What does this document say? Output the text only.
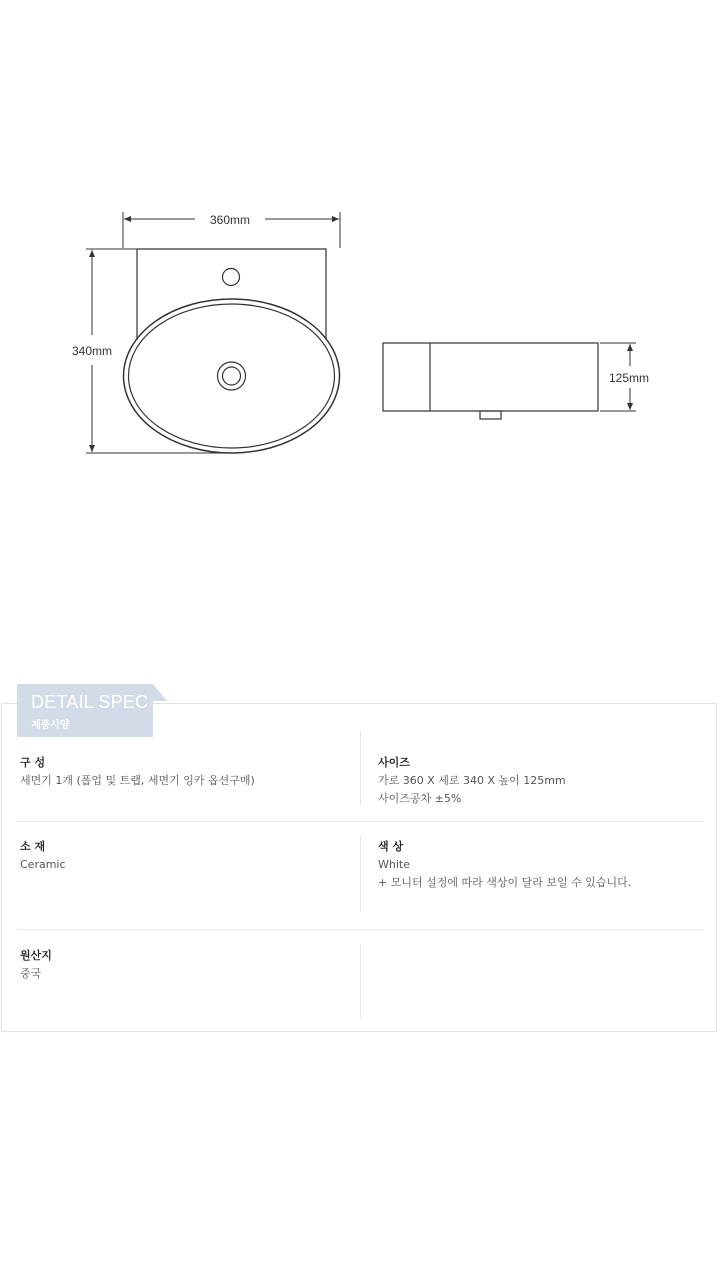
360mm
340mm
125mm
DETAIL SPEC
제품사양
구 성
세면기 1개 (폽업 및 트랩, 세면기 잉카 옵션구매)
사이즈
가로 360 X 세로 340 X 높이 125mm
사이즈공차 ±5%
소 재
Ceramic
색 상
White
+ 모니터 설정에 따라 색상이 달라 보일 수 있습니다.
원산지
중국
